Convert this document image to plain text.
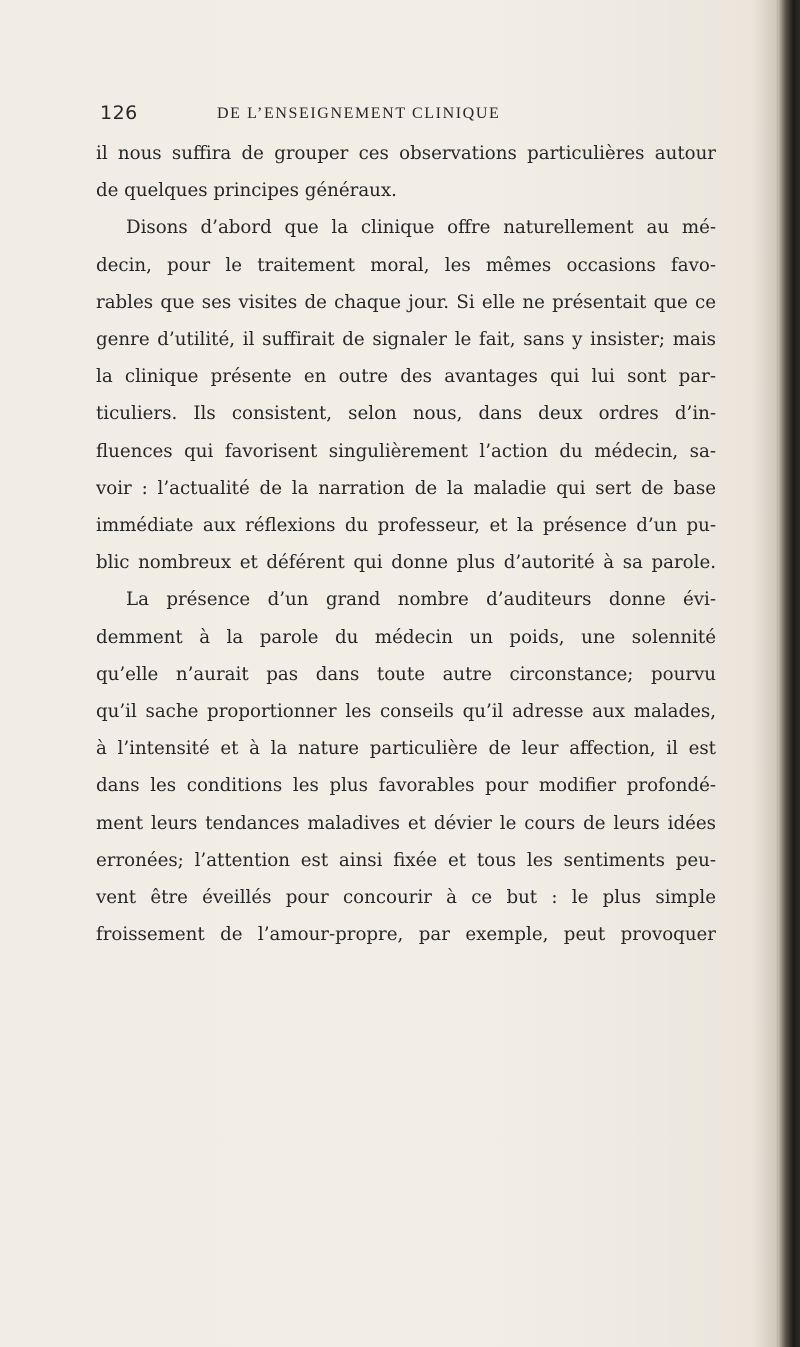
126	DE L’ENSEIGNEMENT CLINIQUE
il nous suffira de grouper ces observations particulières autour
de quelques principes généraux.
Disons d’abord que la clinique offre naturellement au mé-
decin, pour le traitement moral, les mêmes occasions favo-
rables que ses visites de chaque jour. Si elle ne présentait que ce
genre d’utilité, il suffirait de signaler le fait, sans y insister; mais
la clinique présente en outre des avantages qui lui sont par-
ticuliers. Ils consistent, selon nous, dans deux ordres d’in-
fluences qui favorisent singulièrement l’action du médecin, sa-
voir : l’actualité de la narration de la maladie qui sert de base
immédiate aux réflexions du professeur, et la présence d’un pu-
blic nombreux et déférent qui donne plus d’autorité à sa parole.
La présence d’un grand nombre d’auditeurs donne évi-
demment à la parole du médecin un poids, une solennité
qu’elle n’aurait pas dans toute autre circonstance; pourvu
qu’il sache proportionner les conseils qu’il adresse aux malades,
à l’intensité et à la nature particulière de leur affection, il est
dans les conditions les plus favorables pour modifier profondé-
ment leurs tendances maladives et dévier le cours de leurs idées
erronées; l’attention est ainsi fixée et tous les sentiments peu-
vent être éveillés pour concourir à ce but : le plus simple
froissement de l’amour-propre, par exemple, peut provoquer
